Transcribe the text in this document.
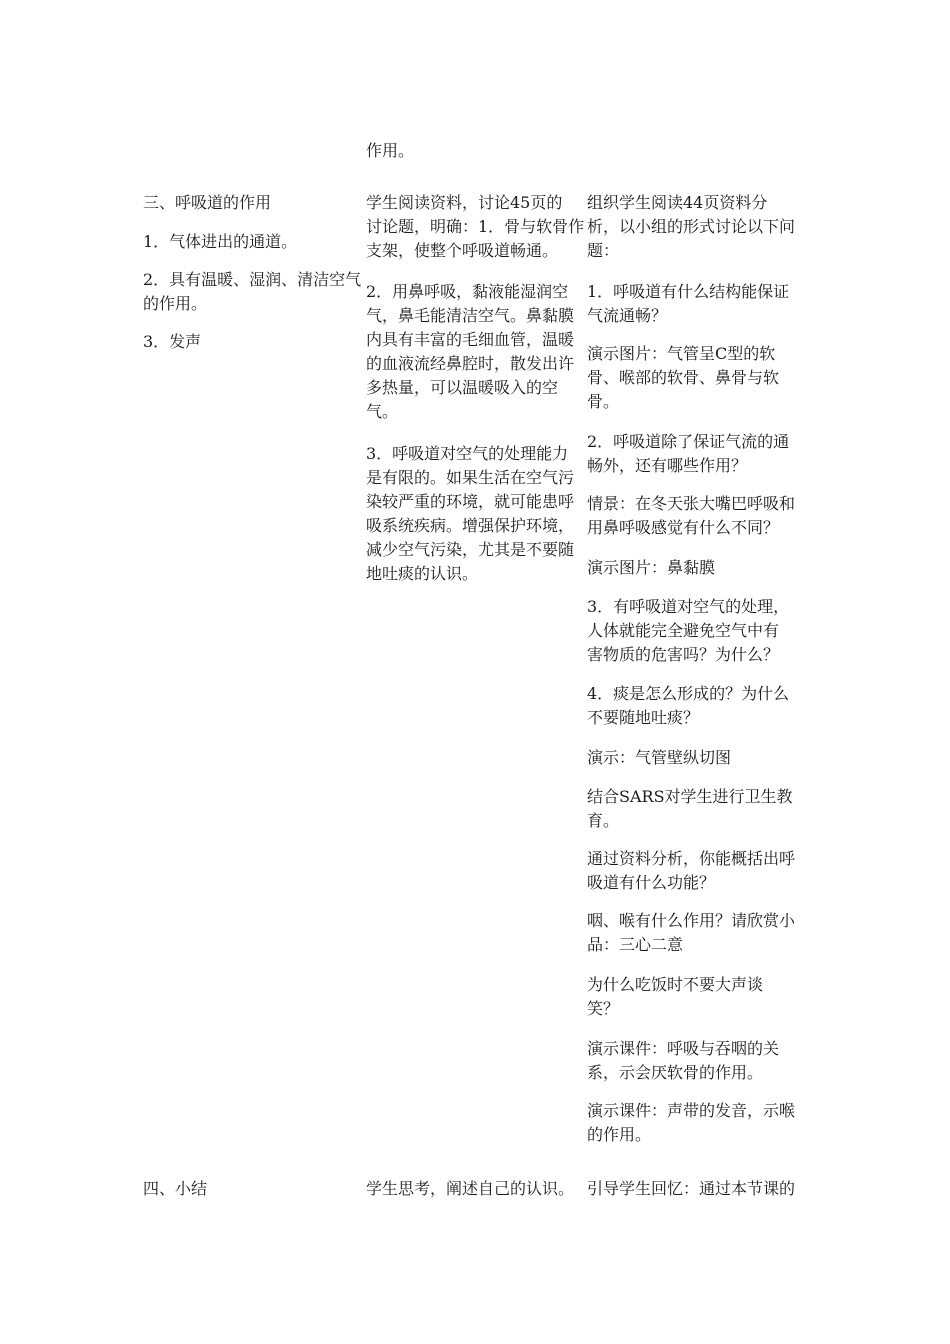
三、呼吸道的作用
1．气体进出的通道。
2．具有温暖、湿润、清洁空气
的作用。
3．发声
四、小结
作用。
学生阅读资料，讨论45页的
讨论题，明确：1．骨与软骨作
支架，使整个呼吸道畅通。
2．用鼻呼吸，黏液能湿润空
气，鼻毛能清洁空气。鼻黏膜
内具有丰富的毛细血管，温暖
的血液流经鼻腔时，散发出许
多热量，可以温暖吸入的空
气。
3．呼吸道对空气的处理能力
是有限的。如果生活在空气污
染较严重的环境，就可能患呼
吸系统疾病。增强保护环境，
减少空气污染，尤其是不要随
地吐痰的认识。
学生思考，阐述自己的认识。
组织学生阅读44页资料分
析，以小组的形式讨论以下问
题：
1．呼吸道有什么结构能保证
气流通畅？
演示图片：气管呈C型的软
骨、喉部的软骨、鼻骨与软
骨。
2．呼吸道除了保证气流的通
畅外，还有哪些作用？
情景：在冬天张大嘴巴呼吸和
用鼻呼吸感觉有什么不同？
演示图片：鼻黏膜
3．有呼吸道对空气的处理，
人体就能完全避免空气中有
害物质的危害吗？为什么？
4．痰是怎么形成的？为什么
不要随地吐痰？
演示：气管壁纵切图
结合SARS对学生进行卫生教
育。
通过资料分析，你能概括出呼
吸道有什么功能？
咽、喉有什么作用？请欣赏小
品：三心二意
为什么吃饭时不要大声谈
笑？
演示课件：呼吸与吞咽的关
系，示会厌软骨的作用。
演示课件：声带的发音，示喉
的作用。
引导学生回忆：通过本节课的
